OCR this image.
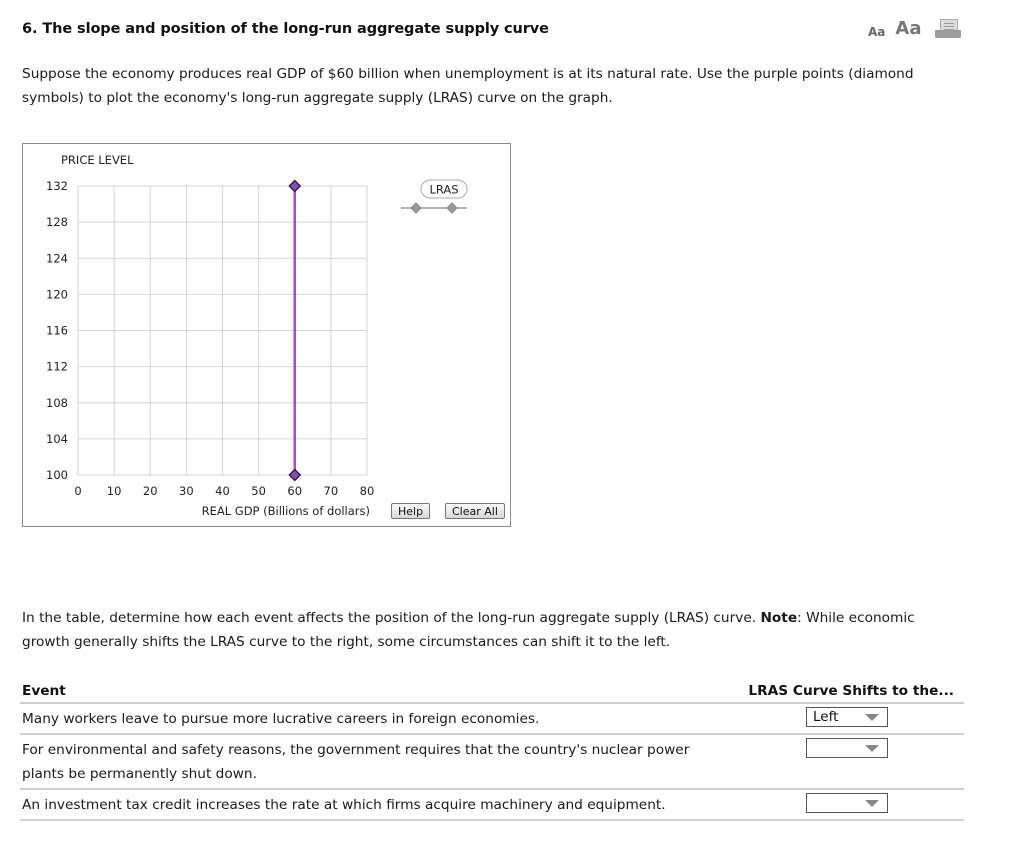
6. The slope and position of the long-run aggregate supply curve	Aa Aa
Suppose the economy produces real GDP of $60 billion when unemployment is at its natural rate. Use the purple points (diamond symbols) to plot the economy's long-run aggregate supply (LRAS) curve on the graph.
0 10 20 30 40 50 60 70 80
100
104
108
112
116
120
124
128
132
PRICE LEVEL
REAL GDP (Billions of dollars)
LRAS
Help	Clear All
In the table, determine how each event affects the position of the long-run aggregate supply (LRAS) curve. Note: While economic growth generally shifts the LRAS curve to the right, some circumstances can shift it to the left.
Event	LRAS Curve Shifts to the...
Many workers leave to pursue more lucrative careers in foreign economies.	Left
For environmental and safety reasons, the government requires that the country's nuclear power plants be permanently shut down.
An investment tax credit increases the rate at which firms acquire machinery and equipment.
